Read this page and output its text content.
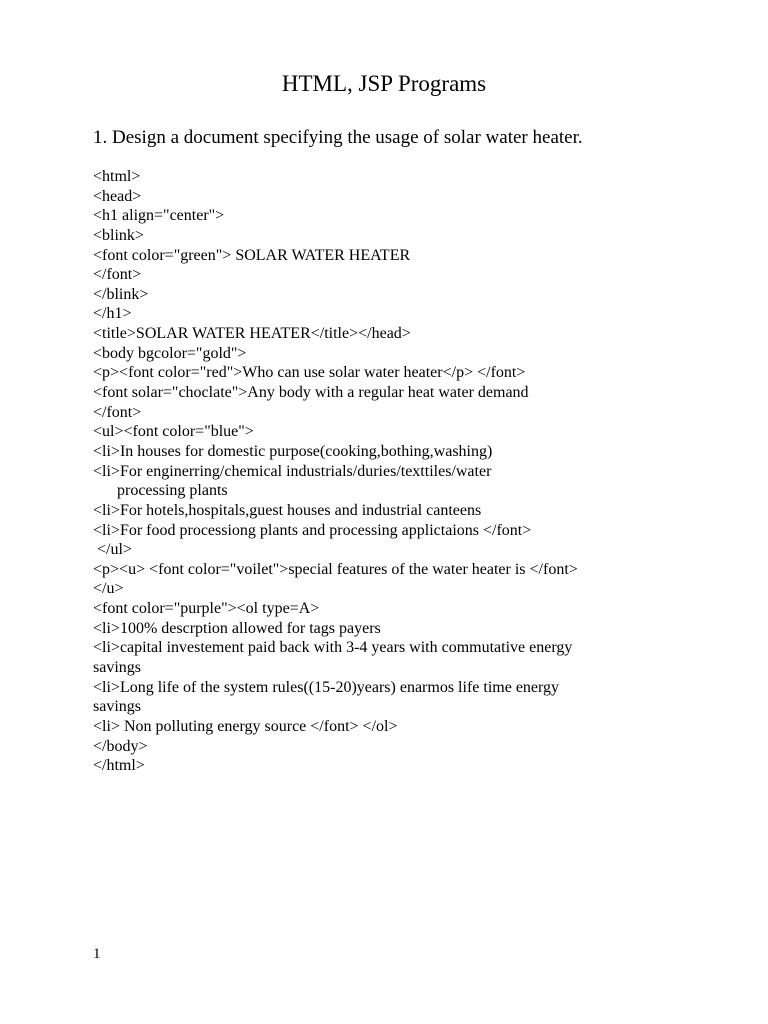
HTML, JSP Programs

1. Design a document specifying the usage of solar water heater.

<html>
<head>
<h1 align="center">
<blink>
<font color="green"> SOLAR WATER HEATER
</font>
</blink>
</h1>
<title>SOLAR WATER HEATER</title></head>
<body bgcolor="gold">
<p><font color="red">Who can use solar water heater</p> </font>
<font solar="choclate">Any body with a regular heat water demand
</font>
<ul><font color="blue">
<li>In houses for domestic purpose(cooking,bothing,washing)
<li>For enginerring/chemical industrials/duries/texttiles/water
processing plants
<li>For hotels,hospitals,guest houses and industrial canteens
<li>For food processiong plants and processing applictaions </font>
</ul>
<p><u> <font color="voilet">special features of the water heater is </font>
</u>
<font color="purple"><ol type=A>
<li>100% descrption allowed for tags payers
<li>capital investement paid back with 3-4 years with commutative energy
savings
<li>Long life of the system rules((15-20)years) enarmos life time energy
savings
<li> Non polluting energy source </font> </ol>
</body>
</html>
1
